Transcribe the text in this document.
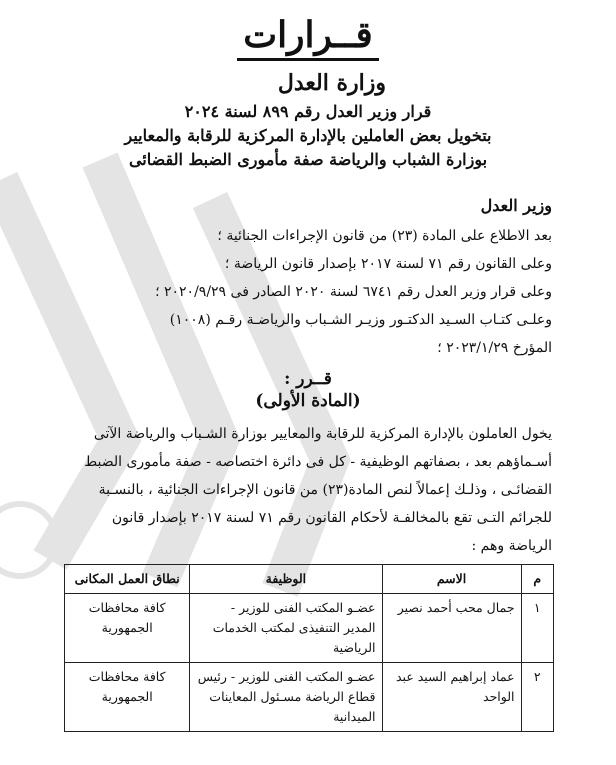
قــرارات
وزارة العدل
قرار وزير العدل رقم ٨٩٩ لسنة ٢٠٢٤
بتخويل بعض العاملين بالإدارة المركزية للرقابة والمعايير
بوزارة الشباب والرياضة صفة مأمورى الضبط القضائى
وزير العدل

بعد الاطلاع على المادة (٢٣) من قانون الإجراءات الجنائية ؛

وعلى القانون رقم ٧١ لسنة ٢٠١٧ بإصدار قانون الرياضة ؛

وعلى قرار وزير العدل رقم ٦٧٤١ لسنة ٢٠٢٠ الصادر فى ٢٠٢٠/٩/٢٩ ؛

وعلـى كتـاب السـيد الدكتـور وزيـر الشـباب والرياضـة رقـم (١٠٠٨)

المؤرخ ٢٠٢٣/١/٢٩ ؛

قــرر :
(المادة الأولى)

يخول العاملون بالإدارة المركزية للرقابة والمعايير بوزارة الشـباب والرياضة الآتى

أسـماؤهم بعد ، بصفاتهم الوظيفية - كل فى دائرة اختصاصه - صفة مأمورى الضبط

القضائـى ، وذلـك إعمالاً لنص المادة(٢٣) من قانون الإجراءات الجنائية ، بالنسـبة

للجرائم التـى تقع بالمخالفـة لأحكام القانون رقم ٧١ لسنة ٢٠١٧ بإصدار قانون

الرياضة وهم :

م	الاسم	الوظيفة	نطاق العمل المكانى
١	جمال محب أحمد نصير	عضـو المكتب الفنى للوزير - المدير التنفيذى لمكتب الخدمات الرياضية	كافة محافظات الجمهورية
٢	عماد إبراهيم السيد عبد الواحد	عضـو المكتب الفنى للوزير - رئيس قطاع الرياضة مسـئول المعاينات الميدانية	كافة محافظات الجمهورية
